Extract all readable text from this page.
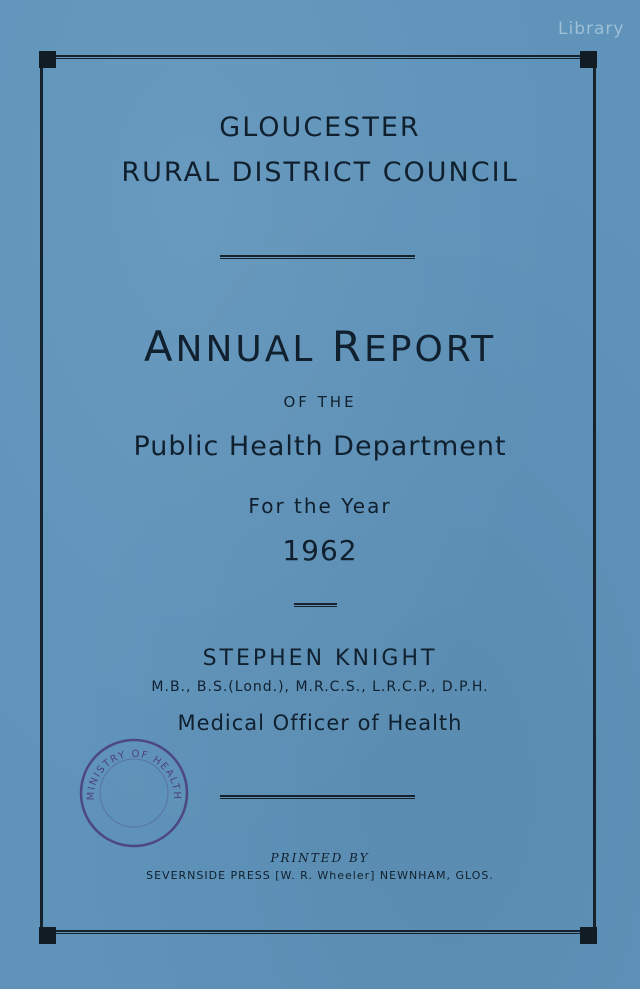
Library
GLOUCESTER
RURAL DISTRICT COUNCIL
ANNUAL REPORT
OF THE
Public Health Department
For the Year
1962
STEPHEN KNIGHT
M.B., B.S.(Lond.), M.R.C.S., L.R.C.P., D.P.H.
Medical Officer of Health
MINISTRY OF HEALTH
PRINTED BY
SEVERNSIDE PRESS [W. R. Wheeler] NEWNHAM, GLOS.
